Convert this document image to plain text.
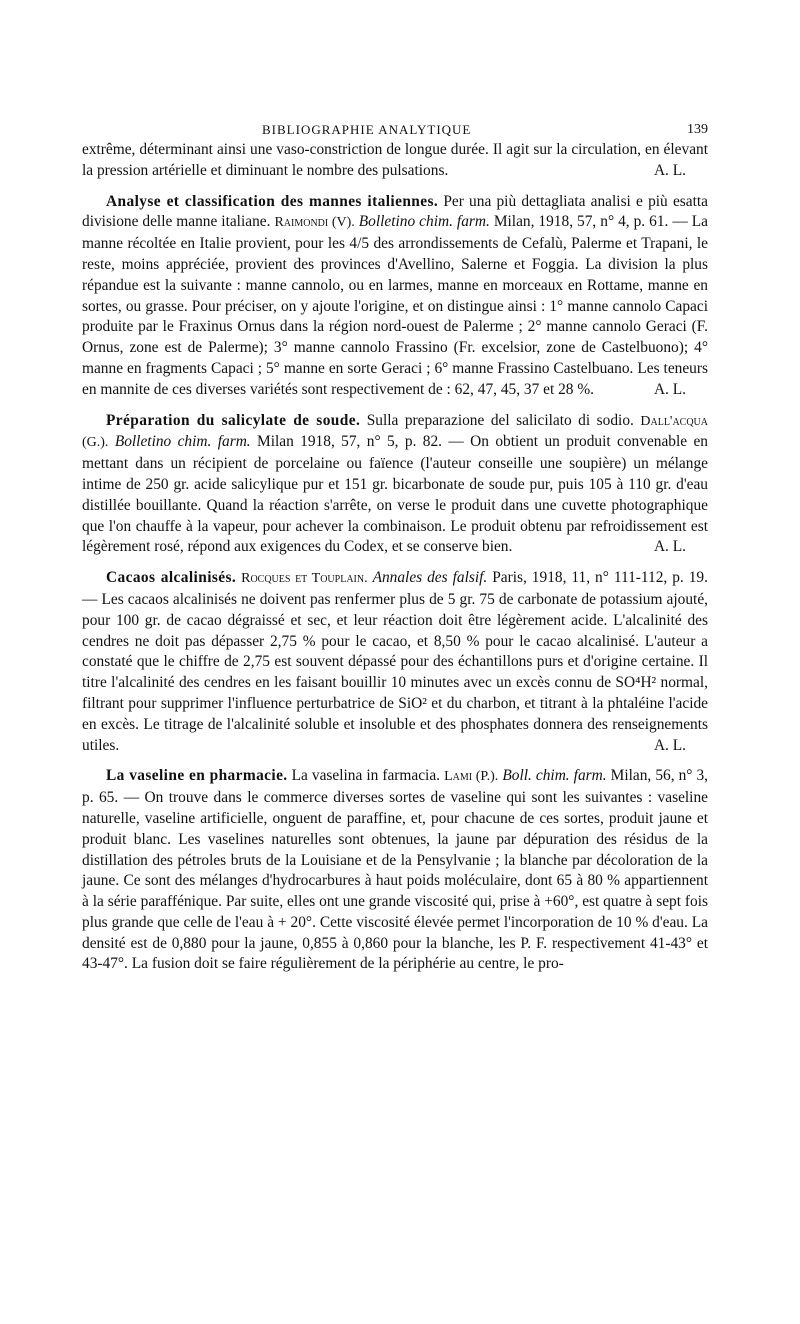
BIBLIOGRAPHIE ANALYTIQUE	139

extrême, déterminant ainsi une vaso-constriction de longue durée. Il agit sur la circulation, en élevant la pression artérielle et diminuant le nombre des pulsations.	A. L.

Analyse et classification des mannes italiennes. Per una più dettagliata analisi e più esatta divisione delle manne italiane. Raimondi (V). Bolletino chim. farm. Milan, 1918, 57, n° 4, p. 61. — La manne récoltée en Italie provient, pour les 4/5 des arrondissements de Cefalù, Palerme et Trapani, le reste, moins appréciée, provient des provinces d'Avellino, Salerne et Foggia. La division la plus répandue est la suivante : manne cannolo, ou en larmes, manne en morceaux en Rottame, manne en sortes, ou grasse. Pour préciser, on y ajoute l'origine, et on distingue ainsi : 1° manne cannolo Capaci produite par le Fraxinus Ornus dans la région nord-ouest de Palerme ; 2° manne cannolo Geraci (F. Ornus, zone est de Palerme); 3° manne cannolo Frassino (Fr. excelsior, zone de Castelbuono); 4° manne en fragments Capaci ; 5° manne en sorte Geraci ; 6° manne Frassino Castelbuano. Les teneurs en mannite de ces diverses variétés sont respectivement de : 62, 47, 45, 37 et 28 %.	A. L.

Préparation du salicylate de soude. Sulla preparazione del salicilato di sodio. Dall'acqua (G.). Bolletino chim. farm. Milan 1918, 57, n° 5, p. 82. — On obtient un produit convenable en mettant dans un récipient de porcelaine ou faïence (l'auteur conseille une soupière) un mélange intime de 250 gr. acide salicylique pur et 151 gr. bicarbonate de soude pur, puis 105 à 110 gr. d'eau distillée bouillante. Quand la réaction s'arrête, on verse le produit dans une cuvette photographique que l'on chauffe à la vapeur, pour achever la combinaison. Le produit obtenu par refroidissement est légèrement rosé, répond aux exigences du Codex, et se conserve bien.	A. L.

Cacaos alcalinisés. Rocques et Touplain. Annales des falsif. Paris, 1918, 11, n° 111-112, p. 19. — Les cacaos alcalinisés ne doivent pas renfermer plus de 5 gr. 75 de carbonate de potassium ajouté, pour 100 gr. de cacao dégraissé et sec, et leur réaction doit être légèrement acide. L'alcalinité des cendres ne doit pas dépasser 2,75 % pour le cacao, et 8,50 % pour le cacao alcalinisé. L'auteur a constaté que le chiffre de 2,75 est souvent dépassé pour des échantillons purs et d'origine certaine. Il titre l'alcalinité des cendres en les faisant bouillir 10 minutes avec un excès connu de SO⁴H² normal, filtrant pour supprimer l'influence perturbatrice de SiO² et du charbon, et titrant à la phtaléine l'acide en excès. Le titrage de l'alcalinité soluble et insoluble et des phosphates donnera des renseignements utiles.	A. L.

La vaseline en pharmacie. La vaselina in farmacia. Lami (P.). Boll. chim. farm. Milan, 56, n° 3, p. 65. — On trouve dans le commerce diverses sortes de vaseline qui sont les suivantes : vaseline naturelle, vaseline artificielle, onguent de paraffine, et, pour chacune de ces sortes, produit jaune et produit blanc. Les vaselines naturelles sont obtenues, la jaune par dépuration des résidus de la distillation des pétroles bruts de la Louisiane et de la Pensylvanie ; la blanche par décoloration de la jaune. Ce sont des mélanges d'hydrocarbures à haut poids moléculaire, dont 65 à 80 % appartiennent à la série paraffénique. Par suite, elles ont une grande viscosité qui, prise à +60°, est quatre à sept fois plus grande que celle de l'eau à + 20°. Cette viscosité élevée permet l'incorporation de 10 % d'eau. La densité est de 0,880 pour la jaune, 0,855 à 0,860 pour la blanche, les P. F. respectivement 41-43° et 43-47°. La fusion doit se faire régulièrement de la périphérie au centre, le pro-
